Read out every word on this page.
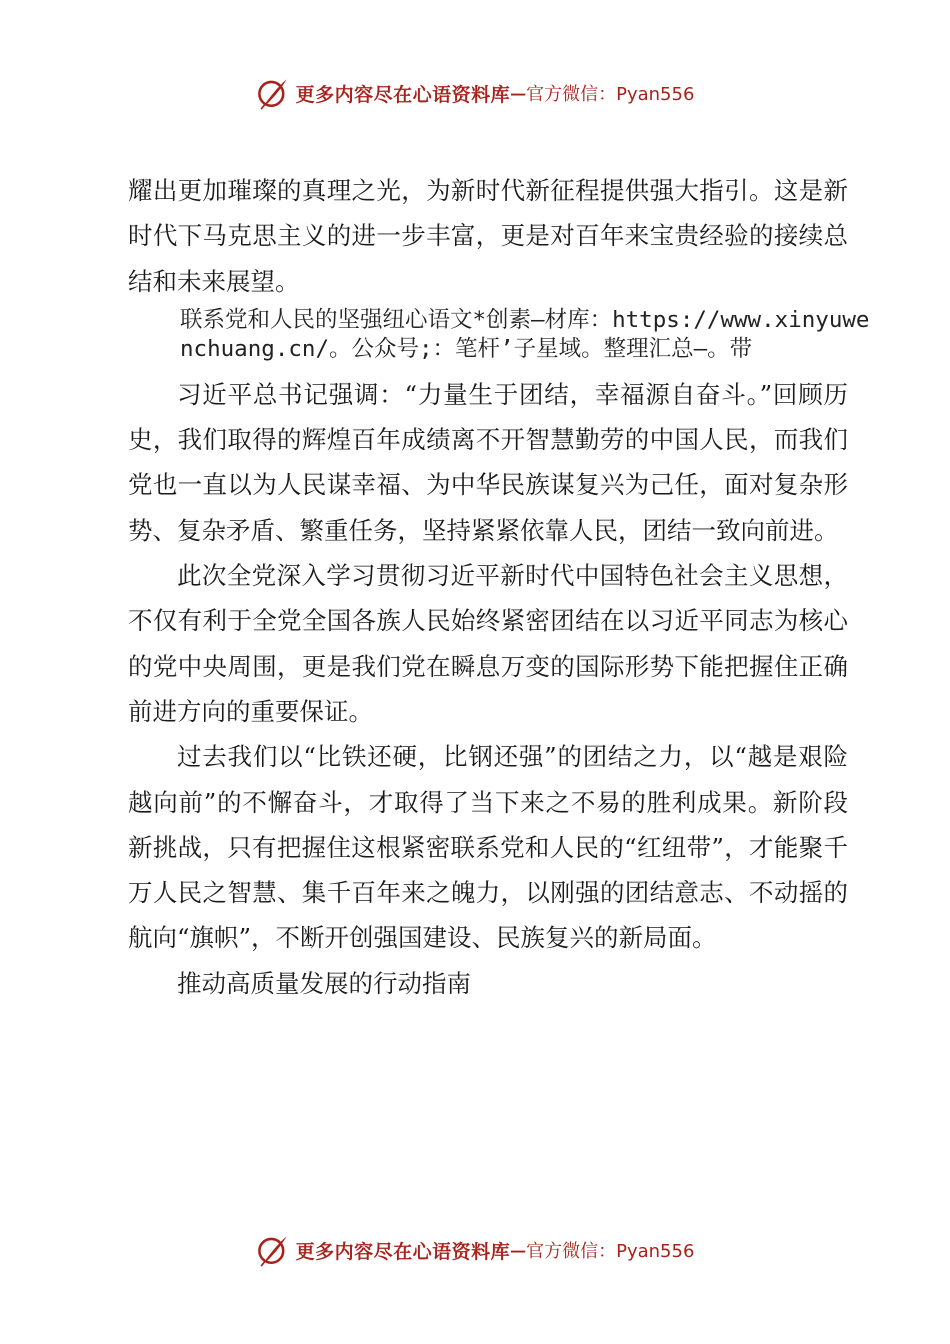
更多内容尽在心语资料库 — 官方微信：Pyan556

耀出更加璀璨的真理之光，为新时代新征程提供强大指引。这是新时代下马克思主义的进一步丰富，更是对百年来宝贵经验的接续总结和未来展望。

联系党和人民的坚强纽心语文*创素—材库：https://www.xinyuwenchuang.cn/。公众号;：笔杆’子星域。整理汇总—。带

习近平总书记强调：“力量生于团结，幸福源自奋斗。”回顾历史，我们取得的辉煌百年成绩离不开智慧勤劳的中国人民，而我们党也一直以为人民谋幸福、为中华民族谋复兴为己任，面对复杂形势、复杂矛盾、繁重任务，坚持紧紧依靠人民，团结一致向前进。

此次全党深入学习贯彻习近平新时代中国特色社会主义思想，不仅有利于全党全国各族人民始终紧密团结在以习近平同志为核心的党中央周围，更是我们党在瞬息万变的国际形势下能把握住正确前进方向的重要保证。

过去我们以“比铁还硬，比钢还强”的团结之力，以“越是艰险越向前”的不懈奋斗，才取得了当下来之不易的胜利成果。新阶段新挑战，只有把握住这根紧密联系党和人民的“红纽带”，才能聚千万人民之智慧、集千百年来之魄力，以刚强的团结意志、不动摇的航向“旗帜”，不断开创强国建设、民族复兴的新局面。

推动高质量发展的行动指南

更多内容尽在心语资料库 — 官方微信：Pyan556
